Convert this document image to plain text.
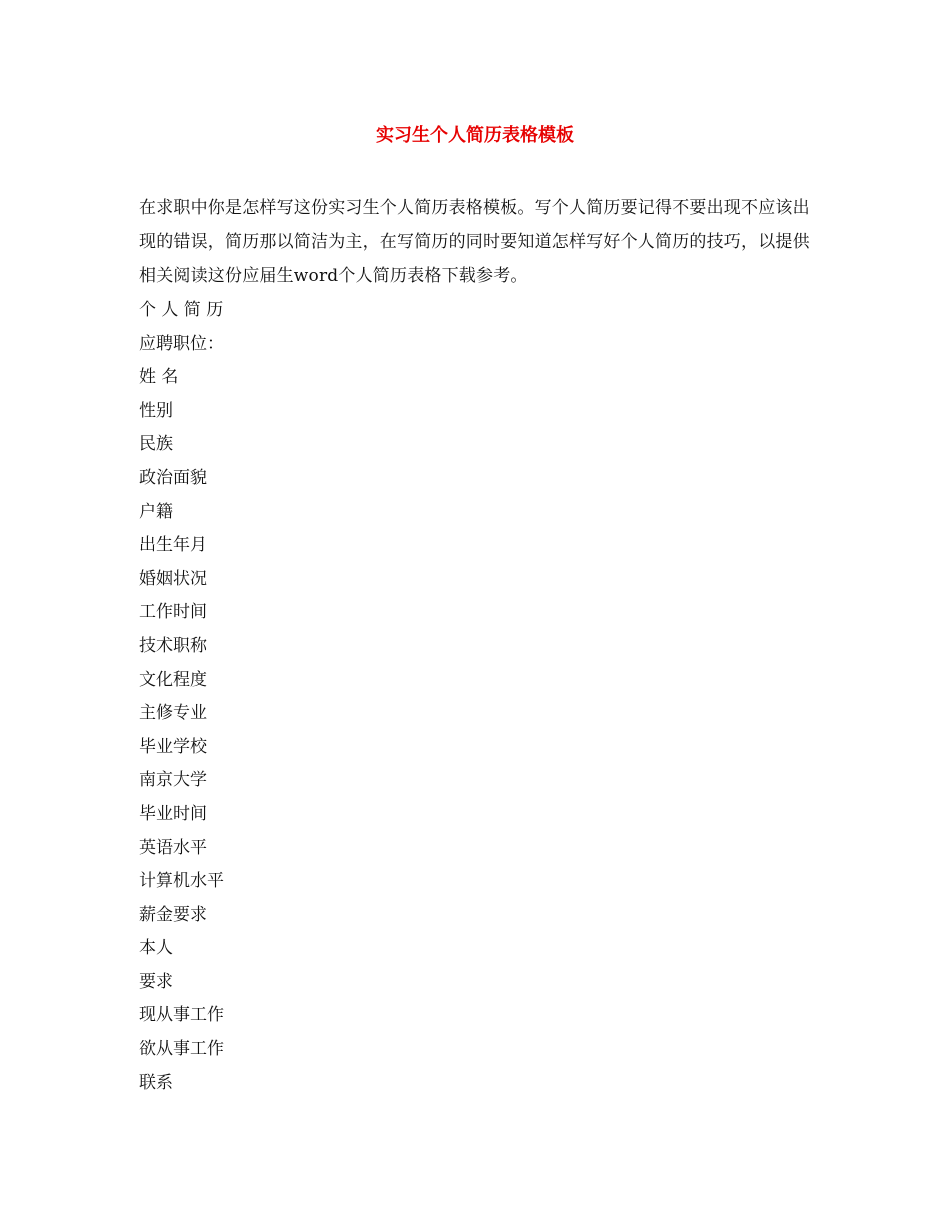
实习生个人简历表格模板

在求职中你是怎样写这份实习生个人简历表格模板。写个人简历要记得不要出现不应该出现的错误，简历那以简洁为主，在写简历的同时要知道怎样写好个人简历的技巧，以提供相关阅读这份应届生word个人简历表格下载参考。

个 人 简 历
应聘职位：
姓 名
性别
民族
政治面貌
户籍
出生年月
婚姻状况
工作时间
技术职称
文化程度
主修专业
毕业学校
南京大学
毕业时间
英语水平
计算机水平
薪金要求
本人
要求
现从事工作
欲从事工作
联系
